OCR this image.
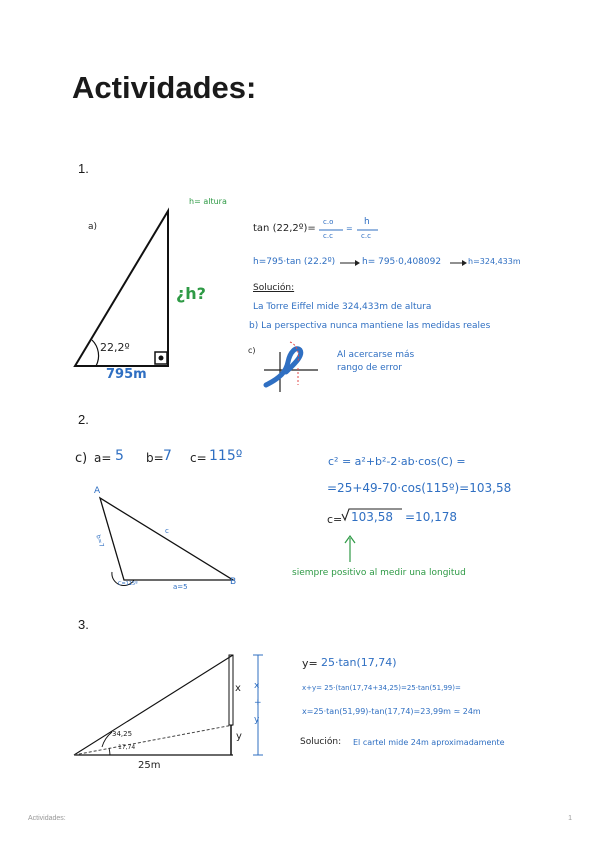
Actividades:
1.
a)
h= altura
¿h?
22,2º
795m
tan (22,2º)=
c.o
c.c
=
h
c.c
h=795·tan (22.2º)	h= 795·0,408092	h=324,433m
Solución:
La Torre Eiffel mide 324,433m de altura
b) La perspectiva nunca mantiene las medidas reales
c)	Al acercarse más
rango de error
2.
c) a= 5 b= 7 c= 115º
A
B
c
b=7
a=5
C=115º
c² = a²+b²-2·ab·cos(C) =
=25+49-70·cos(115º)=103,58
c= 103,58 =10,178
siempre positivo al medir una longitud
3.
x
y
x
+
y
34,25
17,74
25m
y= 25·tan(17,74)
x+y= 25·(tan(17,74+34,25)=25·tan(51,99)=
x=25·tan(51,99)-tan(17,74)=23,99m ≃ 24m
Solución: El cartel mide 24m aproximadamente
Actividades:	1
